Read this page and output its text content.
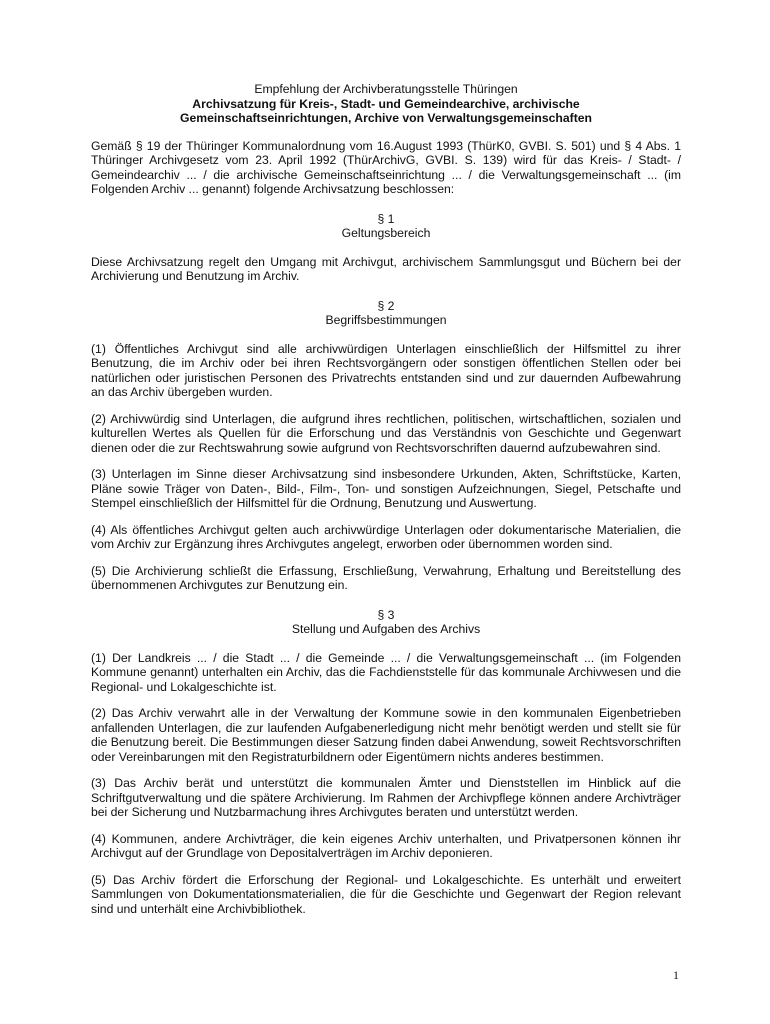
Empfehlung der Archivberatungsstelle Thüringen
Archivsatzung für Kreis-, Stadt- und Gemeindearchive, archivische
Gemeinschaftseinrichtungen, Archive von Verwaltungsgemeinschaften

Gemäß § 19 der Thüringer Kommunalordnung vom 16.August 1993 (ThürK0, GVBI. S. 501) und § 4 Abs. 1 Thüringer Archivgesetz vom 23. April 1992 (ThürArchivG, GVBI. S. 139) wird für das Kreis- / Stadt- / Gemeindearchiv ... / die archivische Gemeinschaftseinrichtung ... / die Verwaltungsgemeinschaft ... (im Folgenden Archiv ... genannt) folgende Archivsatzung beschlossen:

§ 1
Geltungsbereich

Diese Archivsatzung regelt den Umgang mit Archivgut, archivischem Sammlungsgut und Büchern bei der Archivierung und Benutzung im Archiv.

§ 2
Begriffsbestimmungen

(1) Öffentliches Archivgut sind alle archivwürdigen Unterlagen einschließlich der Hilfsmittel zu ihrer Benutzung, die im Archiv oder bei ihren Rechtsvorgängern oder sonstigen öffentlichen Stellen oder bei natürlichen oder juristischen Personen des Privatrechts entstanden sind und zur dauernden Aufbewahrung an das Archiv übergeben wurden.

(2) Archivwürdig sind Unterlagen, die aufgrund ihres rechtlichen, politischen, wirtschaftlichen, sozialen und kulturellen Wertes als Quellen für die Erforschung und das Verständnis von Geschichte und Gegenwart dienen oder die zur Rechtswahrung sowie aufgrund von Rechtsvorschriften dauernd aufzubewahren sind.

(3) Unterlagen im Sinne dieser Archivsatzung sind insbesondere Urkunden, Akten, Schriftstücke, Karten, Pläne sowie Träger von Daten-, Bild-, Film-, Ton- und sonstigen Aufzeichnungen, Siegel, Petschafte und Stempel einschließlich der Hilfsmittel für die Ordnung, Benutzung und Auswertung.

(4) Als öffentliches Archivgut gelten auch archivwürdige Unterlagen oder dokumentarische Materialien, die vom Archiv zur Ergänzung ihres Archivgutes angelegt, erworben oder übernommen worden sind.

(5) Die Archivierung schließt die Erfassung, Erschließung, Verwahrung, Erhaltung und Bereitstellung des übernommenen Archivgutes zur Benutzung ein.

§ 3
Stellung und Aufgaben des Archivs

(1) Der Landkreis ... / die Stadt ... / die Gemeinde ... / die Verwaltungsgemeinschaft ... (im Folgenden Kommune genannt) unterhalten ein Archiv, das die Fachdienststelle für das kommunale Archivwesen und die Regional- und Lokalgeschichte ist.

(2) Das Archiv verwahrt alle in der Verwaltung der Kommune sowie in den kommunalen Eigenbetrieben anfallenden Unterlagen, die zur laufenden Aufgabenerledigung nicht mehr benötigt werden und stellt sie für die Benutzung bereit. Die Bestimmungen dieser Satzung finden dabei Anwendung, soweit Rechtsvorschriften oder Vereinbarungen mit den Registraturbildnern oder Eigentümern nichts anderes bestimmen.

(3) Das Archiv berät und unterstützt die kommunalen Ämter und Dienststellen im Hinblick auf die Schriftgutverwaltung und die spätere Archivierung. Im Rahmen der Archivpflege können andere Archivträger bei der Sicherung und Nutzbarmachung ihres Archivgutes beraten und unterstützt werden.

(4) Kommunen, andere Archivträger, die kein eigenes Archiv unterhalten, und Privatpersonen können ihr Archivgut auf der Grundlage von Depositalverträgen im Archiv deponieren.

(5) Das Archiv fördert die Erforschung der Regional- und Lokalgeschichte. Es unterhält und erweitert Sammlungen von Dokumentationsmaterialien, die für die Geschichte und Gegenwart der Region relevant sind und unterhält eine Archivbibliothek.

1
